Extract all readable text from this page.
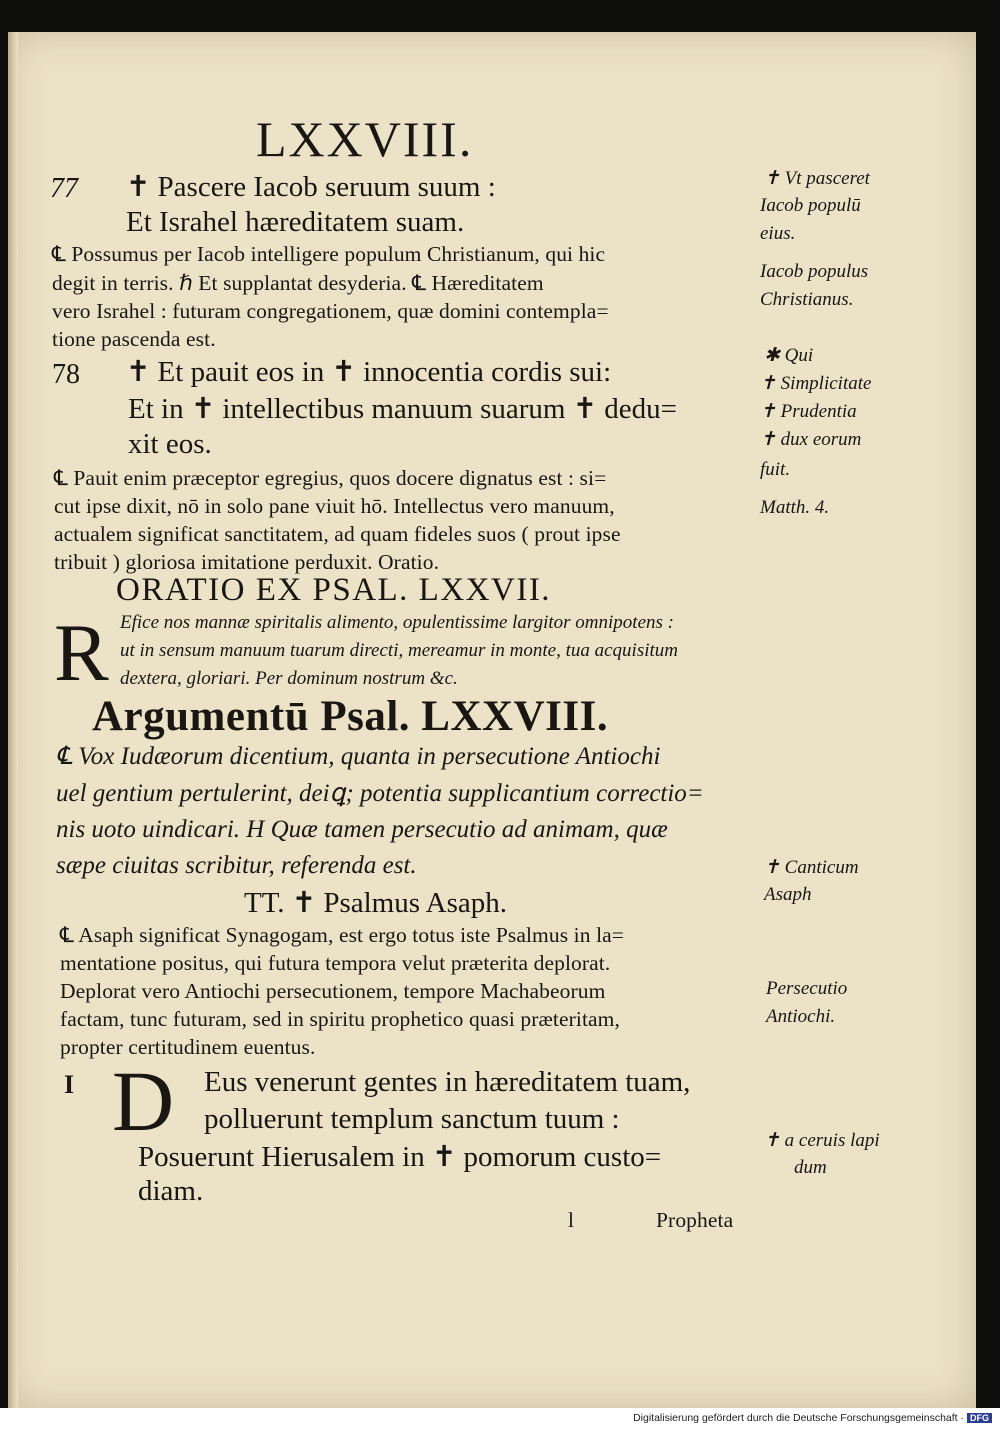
LXXVIII.
77 ✝ Pascere Iacob seruum suum :
Et Israhel hæreditatem suam.
℄ Possumus per Iacob intelligere populum Christianum, qui hic
degit in terris. ℏ Et supplantat desyderia. ℄ Hæreditatem
vero Israhel : futuram congregationem, quæ domini contempla=
tione pascenda est.
78 ✝ Et pauit eos in ✝ innocentia cordis sui:
Et in ✝ intellectibus manuum suarum ✝ dedu=
xit eos.
℄ Pauit enim præceptor egregius, quos docere dignatus est : si=
cut ipse dixit, nō in solo pane viuit hō. Intellectus vero manuum,
actualem significat sanctitatem, ad quam fideles suos ( prout ipse
tribuit ) gloriosa imitatione perduxit. Oratio.
ORATIO EX PSAL. LXXVII.
R Efice nos mannæ spiritalis alimento, opulentissime largitor omnipotens :
ut in sensum manuum tuarum directi, mereamur in monte, tua acquisitum
dextera, gloriari. Per dominum nostrum &c.
Argumentū Psal. LXXVIII.
℄ Vox Iudæorum dicentium, quanta in persecutione Antiochi
uel gentium pertulerint, deiꝗ; potentia supplicantium correctio=
nis uoto uindicari. H Quæ tamen persecutio ad animam, quæ
sæpe ciuitas scribitur, referenda est.
TT. ✝ Psalmus Asaph.
℄ Asaph significat Synagogam, est ergo totus iste Psalmus in la=
mentatione positus, qui futura tempora velut præterita deplorat.
Deplorat vero Antiochi persecutionem, tempore Machabeorum
factam, tunc futuram, sed in spiritu prophetico quasi præteritam,
propter certitudinem euentus.
I D Eus venerunt gentes in hæreditatem tuam,
polluerunt templum sanctum tuum :
Posuerunt Hierusalem in ✝ pomorum custo=
diam.
l	Propheta
✝ Vt pasceret
Iacob populū
eius.
Iacob populus
Christianus.
✱ Qui
✝ Simplicitate
✝ Prudentia
✝ dux eorum
fuit.
Matth. 4.
✝ Canticum
Asaph
Persecutio
Antiochi.
✝ a ceruis lapi
dum
Digitalisierung gefördert durch die Deutsche Forschungsgemeinschaft · DFG
